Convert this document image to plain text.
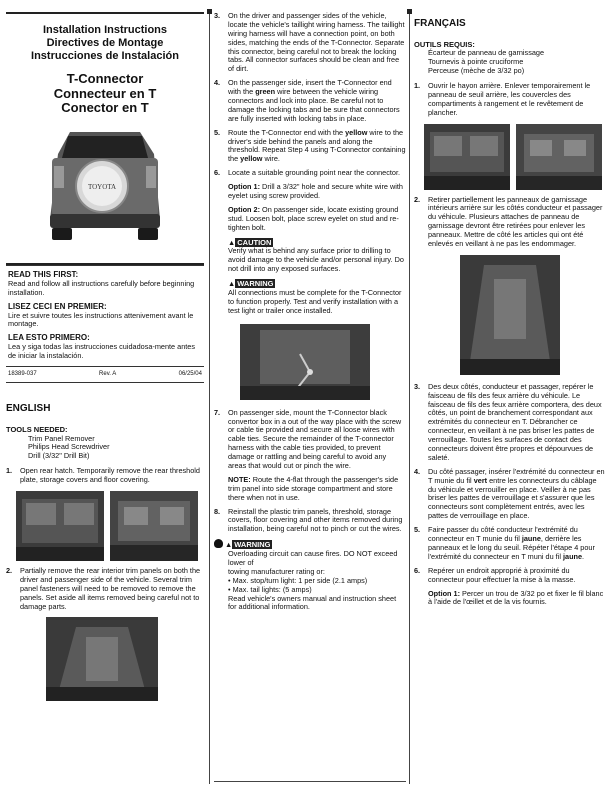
Installation Instructions
Directives de Montage
Instrucciones de Instalación
T-Connector
Connecteur en T
Conector en T
TOYOTA
READ THIS FIRST:
Read and follow all instructions carefully before beginning installation.
LISEZ CECI EN PREMIER:
Lire et suivre toutes les instructions attenivement avant le montage.
LEA ESTO PRIMERO:
Lea y siga todas las instrucciones cuidadosa-mente antes de iniciar la instalación.
18389-037	Rev. A	06/25/04
ENGLISH
TOOLS NEEDED:
Trim Panel Remover
Philips Head Screwdriver
Drill (3/32" Drill Bit)
1.	Open rear hatch. Temporarily remove the rear threshold plate, storage covers and floor covering.
2.	Partially remove the rear interior trim panels on both the driver and passenger side of the vehicle. Several trim panel fasteners will need to be removed to remove the panels. Set aside all items removed being careful not to damage parts.
3.	On the driver and passenger sides of the vehicle, locate the vehicle's taillight wiring harness. The taillight wiring harness will have a connection point, on both sides, matching the ends of the T-Connector. Separate this connector, being careful not to break the locking tabs. All connector surfaces should be clean and free of dirt.
4.	On the passenger side, insert the T-Connector end with the green wire between the vehicle wiring connectors and lock into place. Be careful not to damage the locking tabs and be sure that connectors are fully inserted with locking tabs in place.
5.	Route the T-Connector end with the yellow wire to the driver's side behind the panels and along the threshold. Repeat Step 4 using T-Connector containing the yellow wire.
6.	Locate a suitable grounding point near the connector.
Option 1: Drill a 3/32" hole and secure white wire with eyelet using screw provided.
Option 2: On passenger side, locate existing ground stud. Loosen bolt, place screw eyelet on stud and re-tighten bolt.
▲ CAUTION
Verify what is behind any surface prior to drilling to avoid damage to the vehicle and/or personal injury. Do not drill into any exposed surfaces.
▲ WARNING
All connections must be complete for the T-Connector to function properly. Test and verify installation with a test light or trailer once installed.
7.	On passenger side, mount the T-Connector black convertor box in a out of the way place with the screw or cable tie provided and secure all loose wires with cable ties. Secure the remainder of the T-connector harness with the cable ties provided, to prevent damage or rattling and being careful to avoid any areas that would cut or pinch the wire.
NOTE: Route the 4-flat through the passenger's side trim panel into side storage compartment and store there when not in use.
8.	Reinstall the plastic trim panels, threshold, storage covers, floor covering and other items removed during installation, being careful not to pinch or cut the wires.
▲ WARNING
Overloading circuit can cause fires. DO NOT exceed lower of
towing manufacturer rating or:
• Max. stop/turn light: 1 per side (2.1 amps)
• Max. tail lights: (5 amps)
Read vehicle's owners manual and instruction sheet for additional information.
FRANÇAIS
OUTILS REQUIS:
Écarteur de panneau de garnissage
Tournevis à pointe cruciforme
Perceuse (mèche de 3/32 po)
1.	Ouvrir le hayon arrière. Enlever temporairement le panneau de seuil arrière, les couvercles des compartiments à rangement et le revêtement de plancher.
2.	Retirer partiellement les panneaux de garnissage intérieurs arrière sur les côtés conducteur et passager du véhicule. Plusieurs attaches de panneau de garnissage devront être retirées pour enlever les panneaux. Mettre de côté les articles qui ont été enlevés en veillant à ne pas les endommager.
3.	Des deux côtés, conducteur et passager, repérer le faisceau de fils des feux arrière du véhicule. Le faisceau de fils des feux arrière comportera, des deux côtés, un point de branchement correspondant aux extrémités du connecteur en T. Débrancher ce connecteur, en veillant à ne pas briser les pattes de verrouillage. Toutes les surfaces de contact des connecteurs doivent être propres et dépourvues de saleté.
4.	Du côté passager, insérer l'extrémité du connecteur en T munie du fil vert entre les connecteurs du câblage du véhicule et verrouiller en place. Veiller à ne pas briser les pattes de verrouillage et s'assurer que les connecteurs sont complètement entrés, avec les pattes de verrouillage en place.
5.	Faire passer du côté conducteur l'extrémité du connecteur en T munie du fil jaune, derrière les panneaux et le long du seuil. Répéter l'étape 4 pour l'extrémité du connecteur en T muni du fil jaune.
6.	Repérer un endroit approprié à proximité du connecteur pour effectuer la mise à la masse.
Option 1: Percer un trou de 3/32 po et fixer le fil blanc à l'aide de l'œillet et de la vis fournis.
